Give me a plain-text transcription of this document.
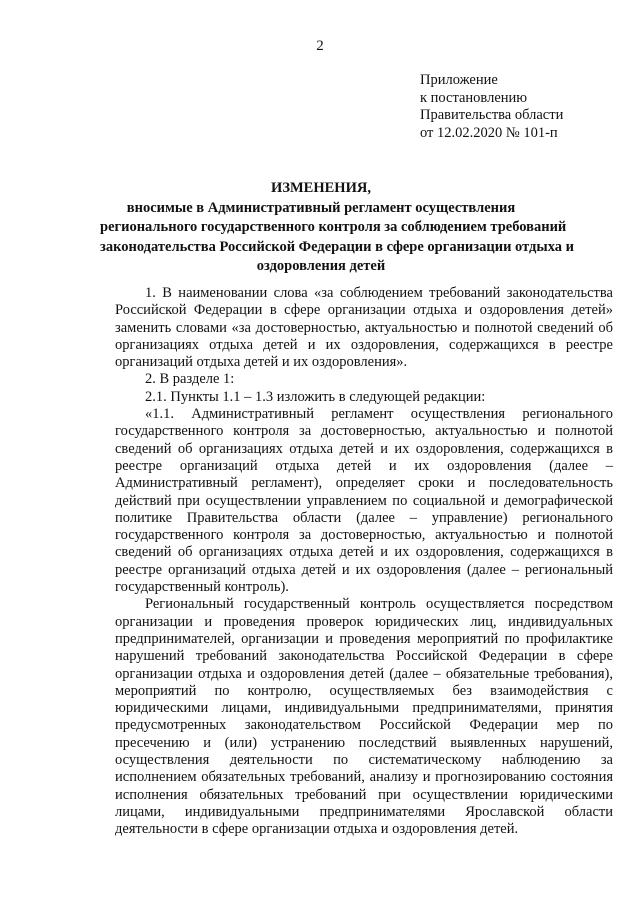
2
Приложение
к постановлению
Правительства области
от 12.02.2020 № 101-п
ИЗМЕНЕНИЯ,
вносимые в Административный регламент осуществления
регионального государственного контроля за соблюдением требований
законодательства Российской Федерации в сфере организации отдыха и
оздоровления детей

1. В наименовании слова «за соблюдением требований законодательства Российской Федерации в сфере организации отдыха и оздоровления детей» заменить словами «за достоверностью, актуальностью и полнотой сведений об организациях отдыха детей и их оздоровления, содержащихся в реестре организаций отдыха детей и их оздоровления».

2. В разделе 1:

2.1. Пункты 1.1 – 1.3 изложить в следующей редакции:

«1.1. Административный регламент осуществления регионального государственного контроля за достоверностью, актуальностью и полнотой сведений об организациях отдыха детей и их оздоровления, содержащихся в реестре организаций отдыха детей и их оздоровления (далее – Административный регламент), определяет сроки и последовательность действий при осуществлении управлением по социальной и демографической политике Правительства области (далее – управление) регионального государственного контроля за достоверностью, актуальностью и полнотой сведений об организациях отдыха детей и их оздоровления, содержащихся в реестре организаций отдыха детей и их оздоровления (далее – региональный государственный контроль).

Региональный государственный контроль осуществляется посредством организации и проведения проверок юридических лиц, индивидуальных предпринимателей, организации и проведения мероприятий по профилактике нарушений требований законодательства Российской Федерации в сфере организации отдыха и оздоровления детей (далее – обязательные требования), мероприятий по контролю, осуществляемых без взаимодействия с юридическими лицами, индивидуальными предпринимателями, принятия предусмотренных законодательством Российской Федерации мер по пресечению и (или) устранению последствий выявленных нарушений, осуществления деятельности по систематическому наблюдению за исполнением обязательных требований, анализу и прогнозированию состояния исполнения обязательных требований при осуществлении юридическими лицами, индивидуальными предпринимателями Ярославской области деятельности в сфере организации отдыха и оздоровления детей.
